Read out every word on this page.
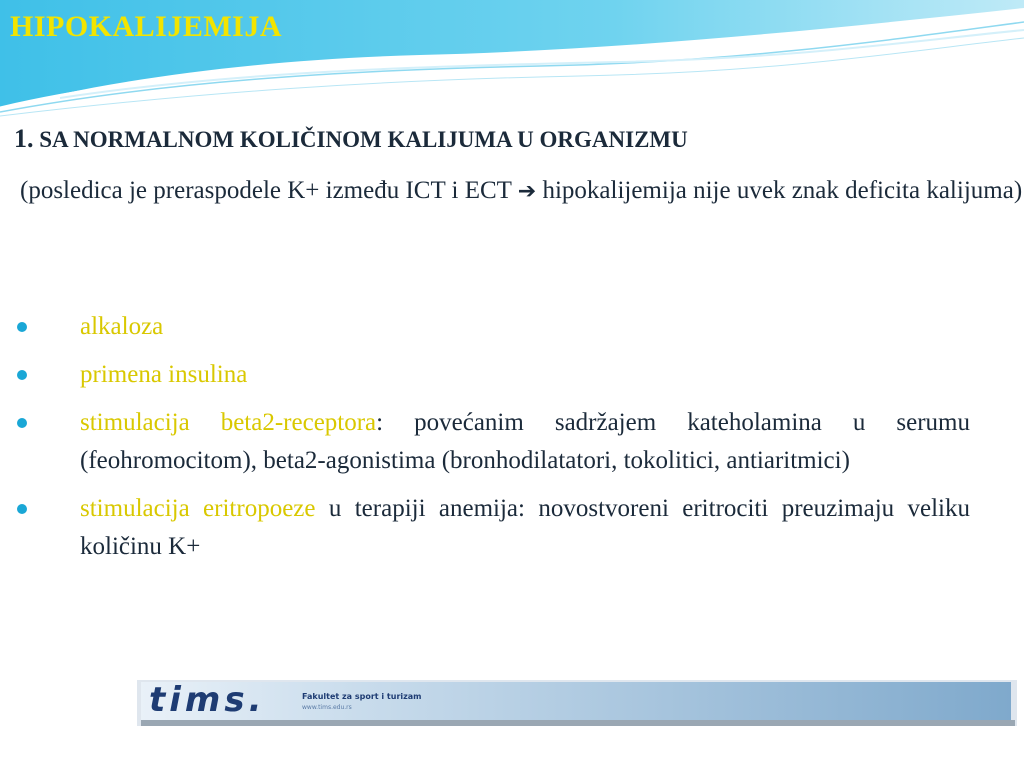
HIPOKALIJEMIJA
1. SA NORMALNOM KOLIČINOM KALIJUMA U ORGANIZMU

(posledica je preraspodele K+ između ICT i ECT ➔ hipokalijemija nije uvek znak deficita kalijuma)

alkaloza
primena insulina
stimulacija beta2-receptora: povećanim sadržajem kateholamina u serumu (feohromocitom), beta2-agonistima (bronhodilatatori, tokolitici, antiaritmici)
stimulacija eritropoeze u terapiji anemija: novostvoreni eritrociti preuzimaju veliku količinu K+
tims.	Fakultet za sport i turizam
www.tims.edu.rs
